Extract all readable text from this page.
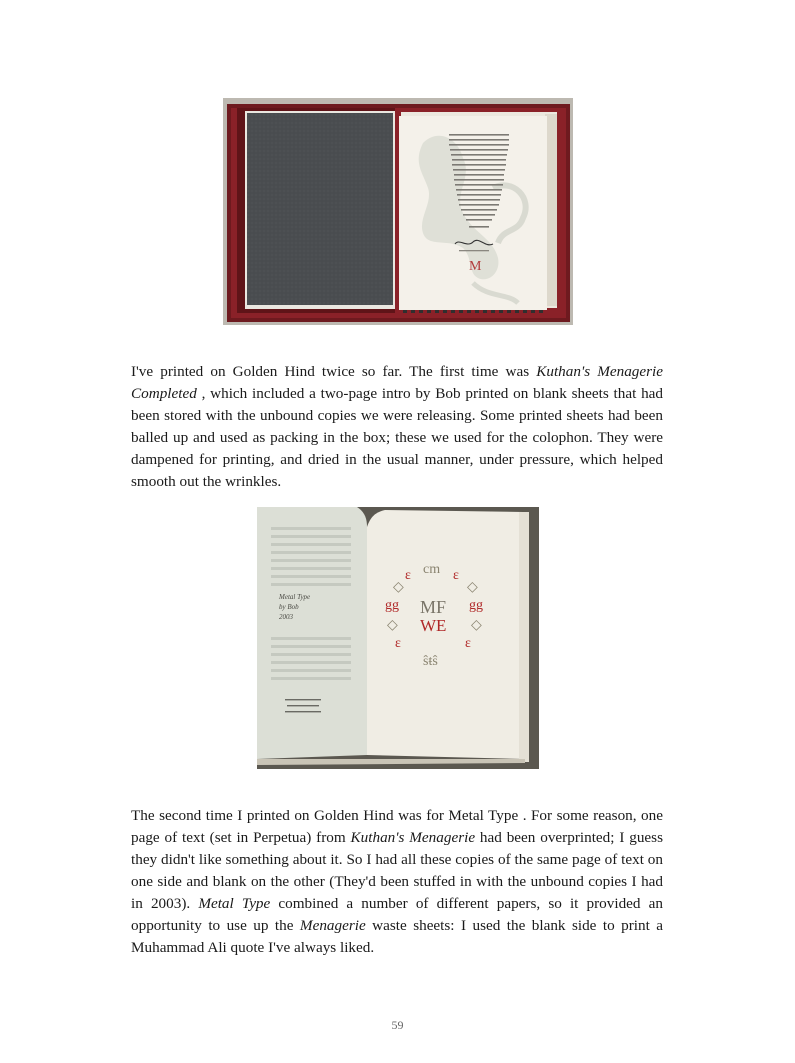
M

I've printed on Golden Hind twice so far. The first time was Kuthan's Menagerie Completed , which included a two-page intro by Bob printed on blank sheets that had been stored with the unbound copies we were releasing. Some printed sheets had been balled up and used as packing in the box; these we used for the colophon. They were dampened for printing, and dried in the usual manner, under pressure, which helped smooth out the wrinkles.

Metal Type
by Bob
2003
cm
ε	ε
◇	◇
gg	gg
◇	◇
ε	ε
ŝŧŝ
MF
WE

The second time I printed on Golden Hind was for Metal Type . For some reason, one page of text (set in Perpetua) from Kuthan's Menagerie had been overprinted; I guess they didn't like something about it. So I had all these copies of the same page of text on one side and blank on the other (They'd been stuffed in with the unbound copies I had in 2003). Metal Type combined a number of different papers, so it provided an opportunity to use up the Menagerie waste sheets: I used the blank side to print a Muhammad Ali quote I've always liked.

59
